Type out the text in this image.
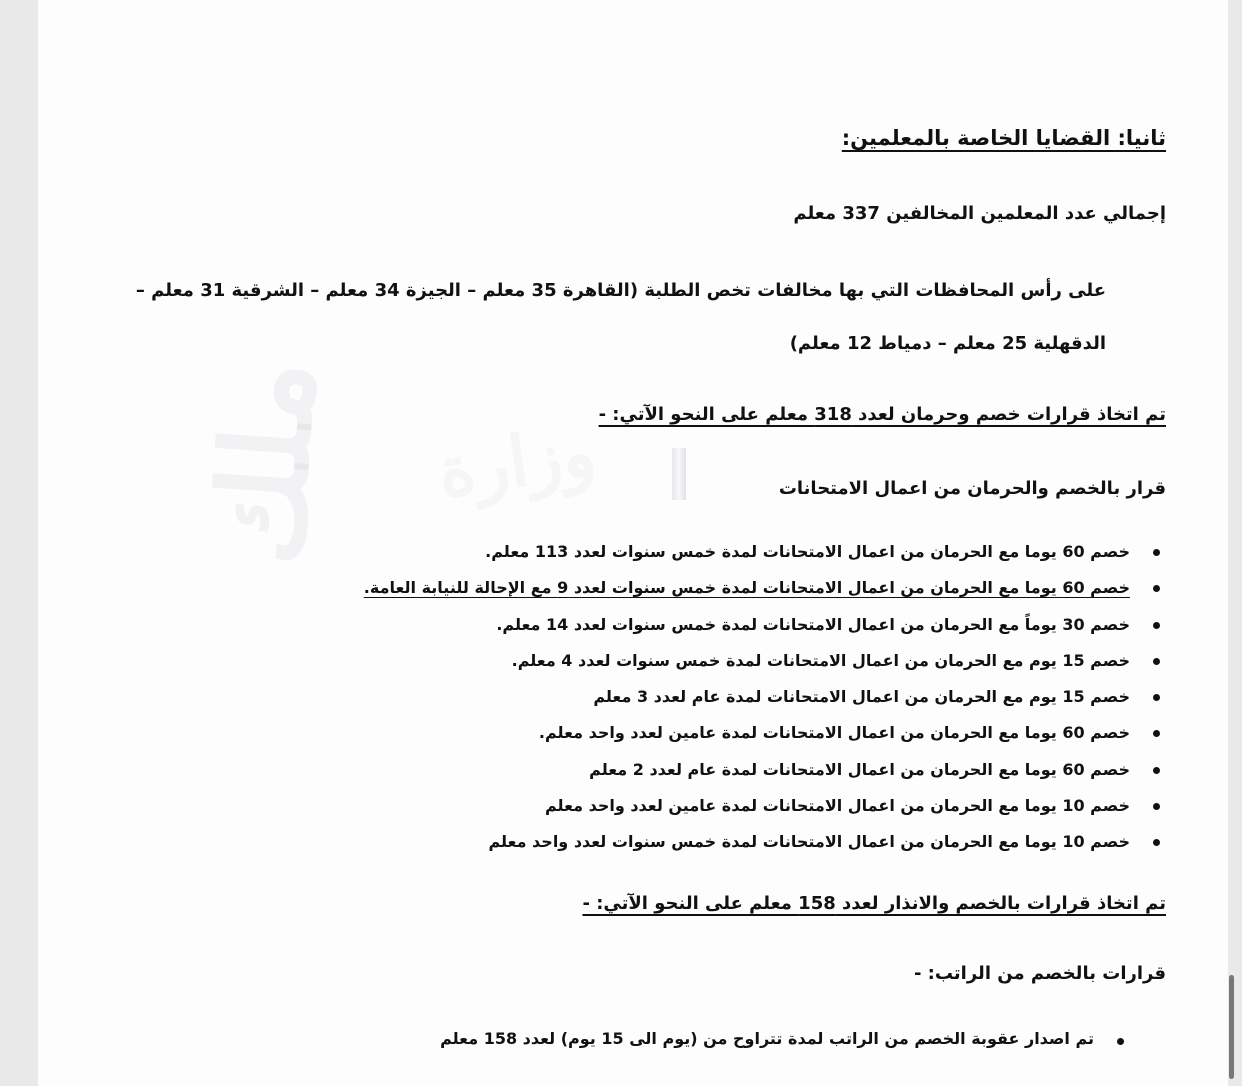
ملك وزارة
ثانيا: القضايا الخاصة بالمعلمين:
إجمالي عدد المعلمين المخالفين 337 معلم
على رأس المحافظات التي بها مخالفات تخص الطلبة (القاهرة 35 معلم – الجيزة 34 معلم – الشرقية 31 معلم –
الدقهلية 25 معلم – دمياط 12 معلم)
تم اتخاذ قرارات خصم وحرمان لعدد 318 معلم على النحو الآتي: -
قرار بالخصم والحرمان من اعمال الامتحانات
خصم 60 يوما مع الحرمان من اعمال الامتحانات لمدة خمس سنوات لعدد 113 معلم.
خصم 60 يوما مع الحرمان من اعمال الامتحانات لمدة خمس سنوات لعدد 9 مع الإحالة للنيابة العامة.
خصم 30 يوماً مع الحرمان من اعمال الامتحانات لمدة خمس سنوات لعدد 14 معلم.
خصم 15 يوم مع الحرمان من اعمال الامتحانات لمدة خمس سنوات لعدد 4 معلم.
خصم 15 يوم مع الحرمان من اعمال الامتحانات لمدة عام لعدد 3 معلم
خصم 60 يوما مع الحرمان من اعمال الامتحانات لمدة عامين لعدد واحد معلم.
خصم 60 يوما مع الحرمان من اعمال الامتحانات لمدة عام لعدد 2 معلم
خصم 10 يوما مع الحرمان من اعمال الامتحانات لمدة عامين لعدد واحد معلم
خصم 10 يوما مع الحرمان من اعمال الامتحانات لمدة خمس سنوات لعدد واحد معلم
تم اتخاذ قرارات بالخصم والانذار لعدد 158 معلم على النحو الآتي: -
قرارات بالخصم من الراتب: -
تم اصدار عقوبة الخصم من الراتب لمدة تتراوح من (يوم الى 15 يوم) لعدد 158 معلم
